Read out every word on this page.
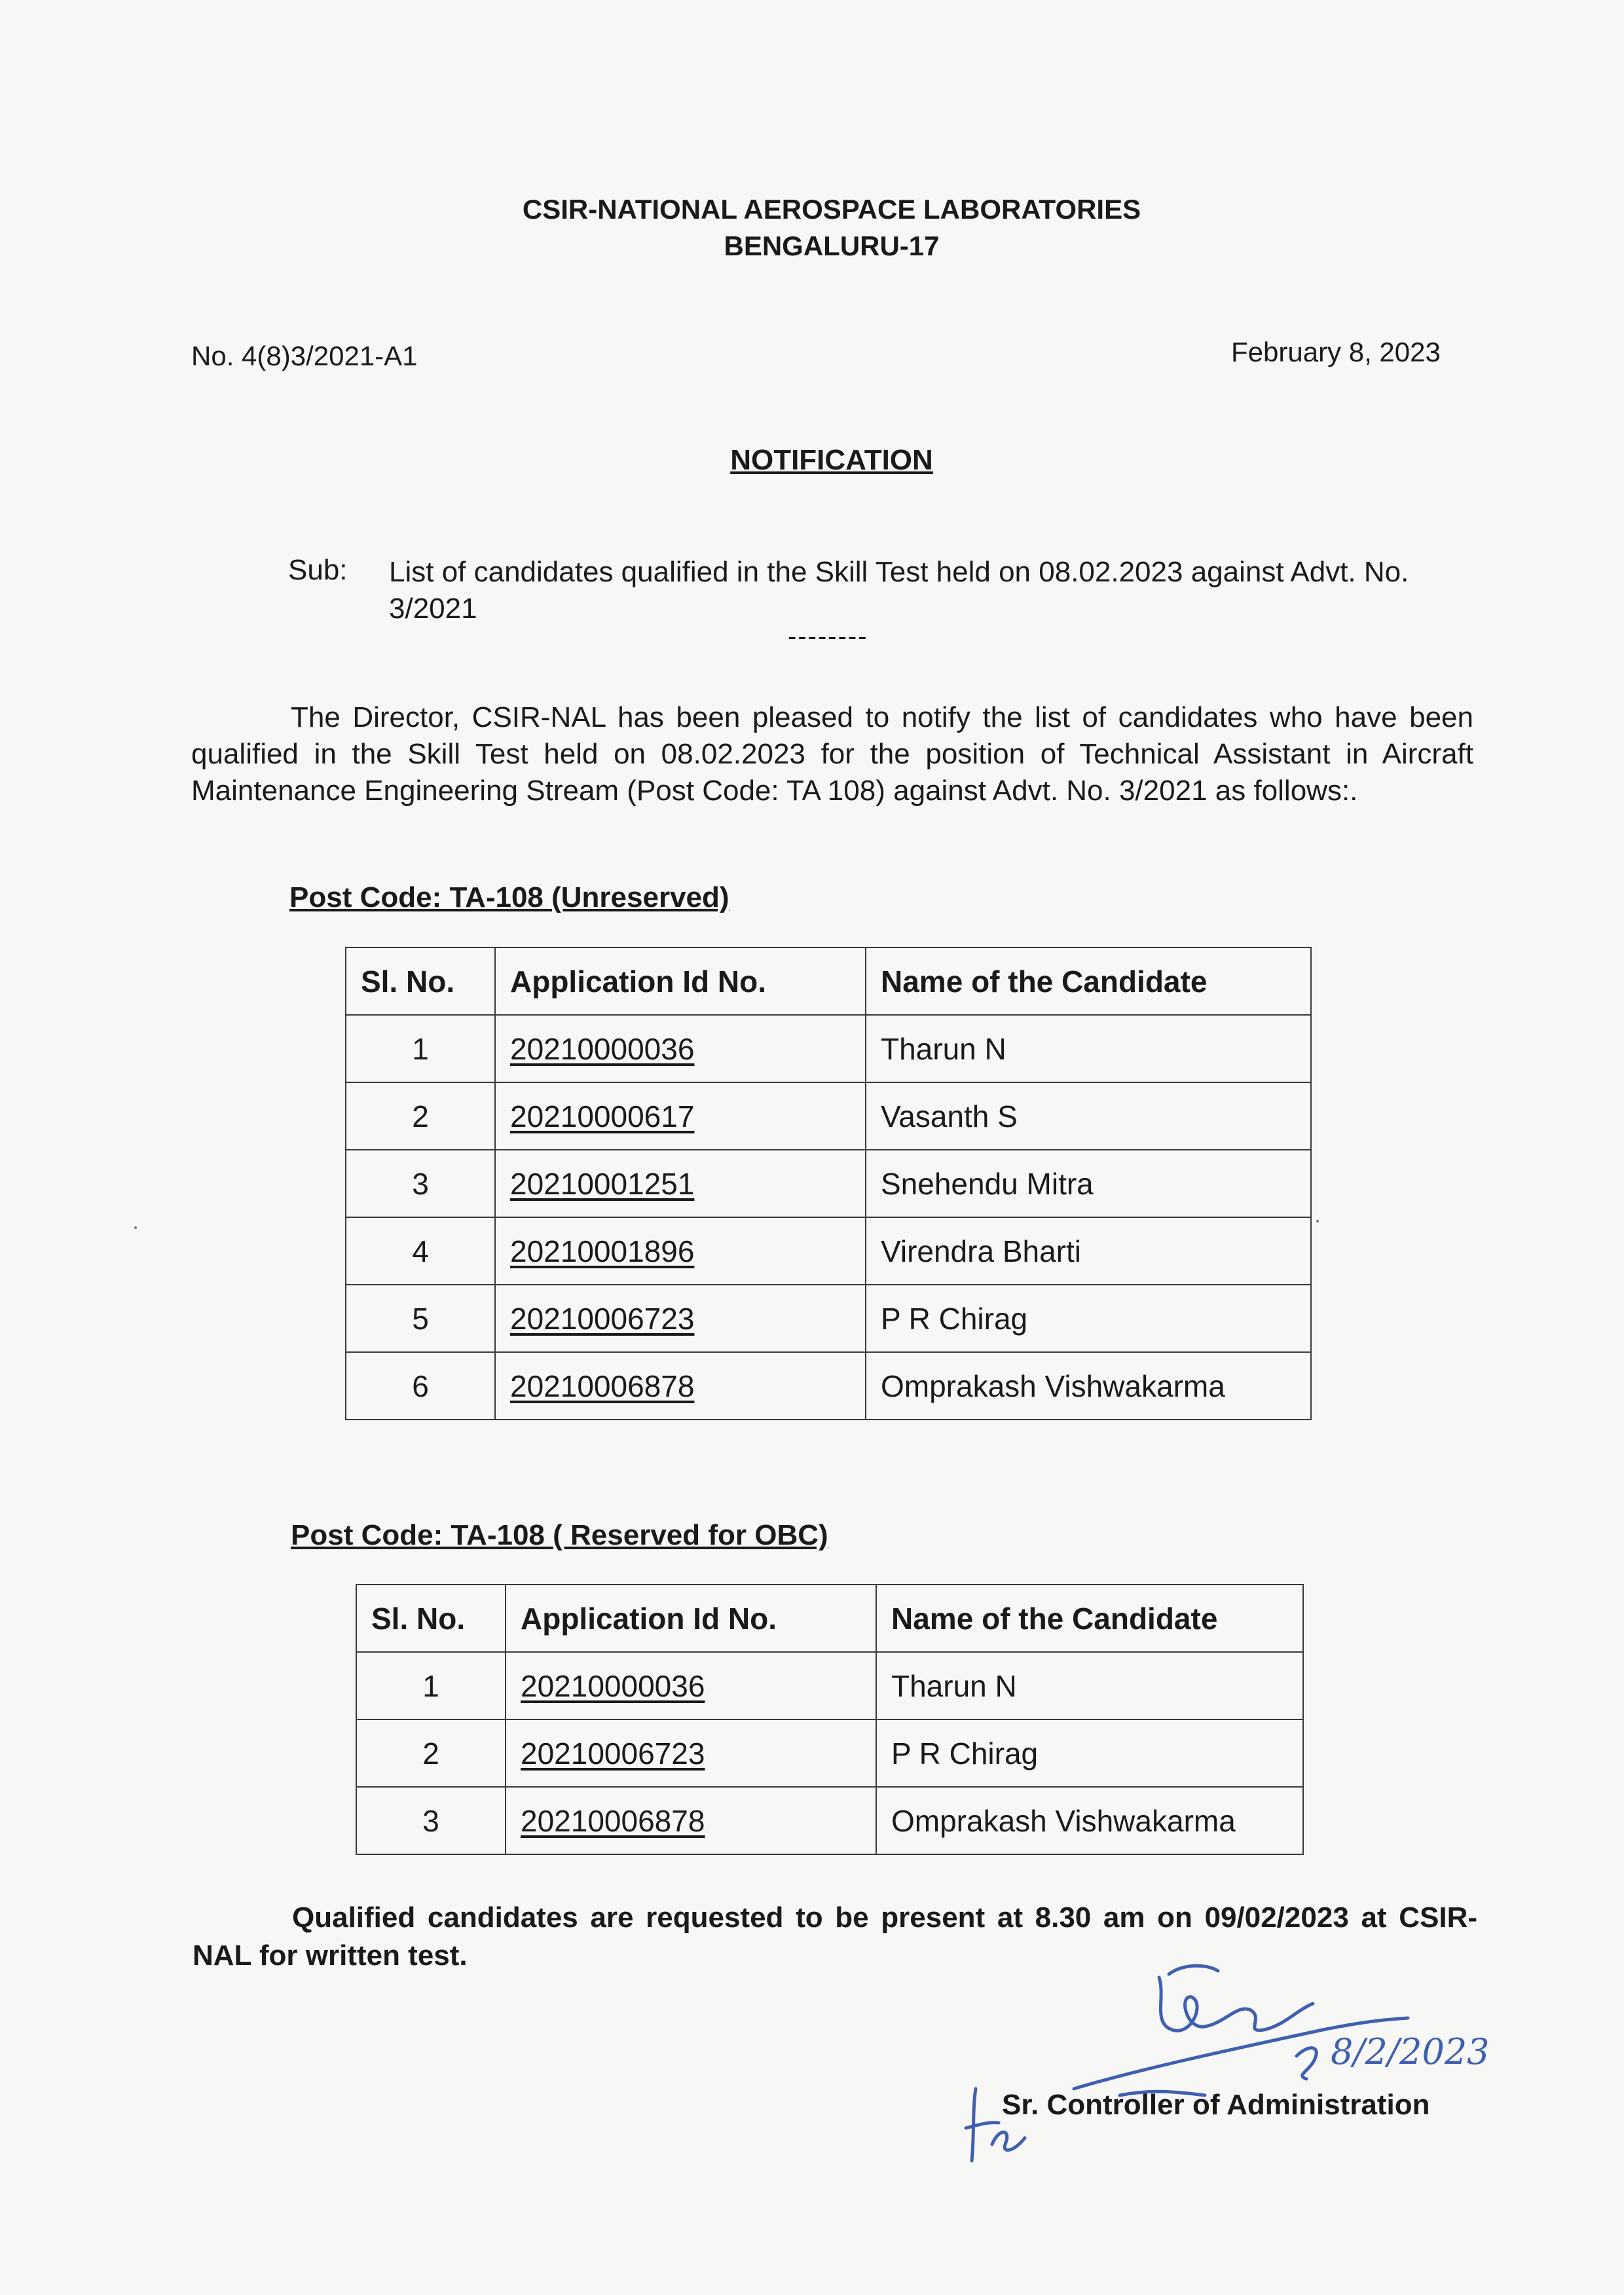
CSIR-NATIONAL AEROSPACE LABORATORIES
BENGALURU-17
No. 4(8)3/2021-A1	February 8, 2023
NOTIFICATION
Sub: List of candidates qualified in the Skill Test held on 08.02.2023 against Advt. No. 3/2021
--------
The Director, CSIR-NAL has been pleased to notify the list of candidates who have been qualified in the Skill Test held on 08.02.2023 for the position of Technical Assistant in Aircraft Maintenance Engineering Stream (Post Code: TA 108) against Advt. No. 3/2021 as follows:.
Post Code: TA-108 (Unreserved)
Sl. No.	Application Id No.	Name of the Candidate
1	20210000036	Tharun N
2	20210000617	Vasanth S
3	20210001251	Snehendu Mitra
4	20210001896	Virendra Bharti
5	20210006723	P R Chirag
6	20210006878	Omprakash Vishwakarma
Post Code: TA-108 ( Reserved for OBC)
Sl. No.	Application Id No.	Name of the Candidate
1	20210000036	Tharun N
2	20210006723	P R Chirag
3	20210006878	Omprakash Vishwakarma
Qualified candidates are requested to be present at 8.30 am on 09/02/2023 at CSIR-NAL for written test.
8/2/2023
for
Sr. Controller of Administration
